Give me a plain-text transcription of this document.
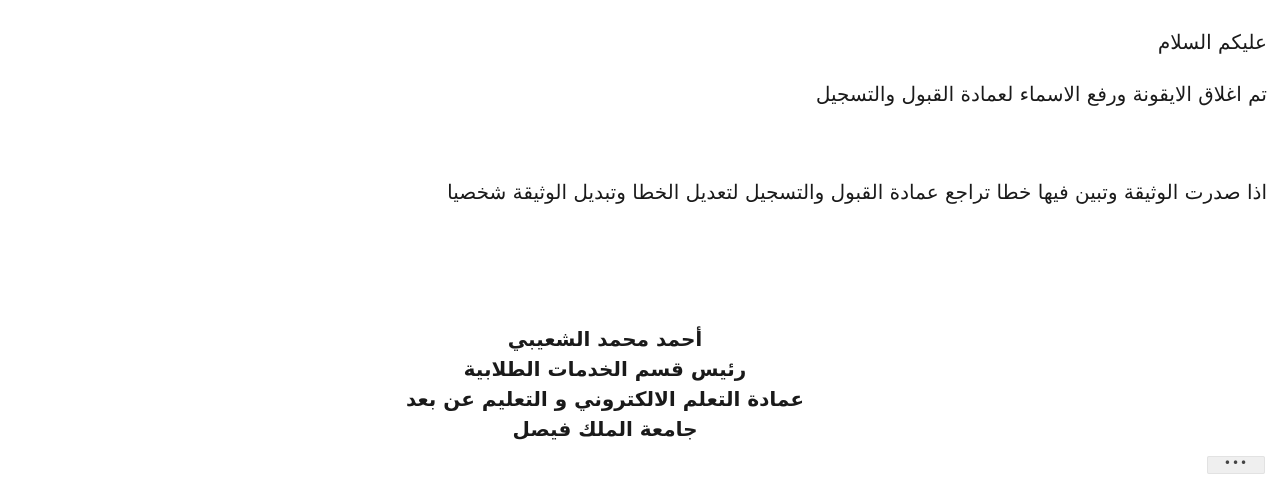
عليكم السلام
تم اغلاق الايقونة ورفع الاسماء لعمادة القبول والتسجيل
اذا صدرت الوثيقة وتبين فيها خطا تراجع عمادة القبول والتسجيل لتعديل الخطا وتبديل الوثيقة شخصيا
أحمد محمد الشعيبي
رئيس قسم الخدمات الطلابية
عمادة التعلم الالكتروني و التعليم عن بعد
جامعة الملك فيصل
•••
